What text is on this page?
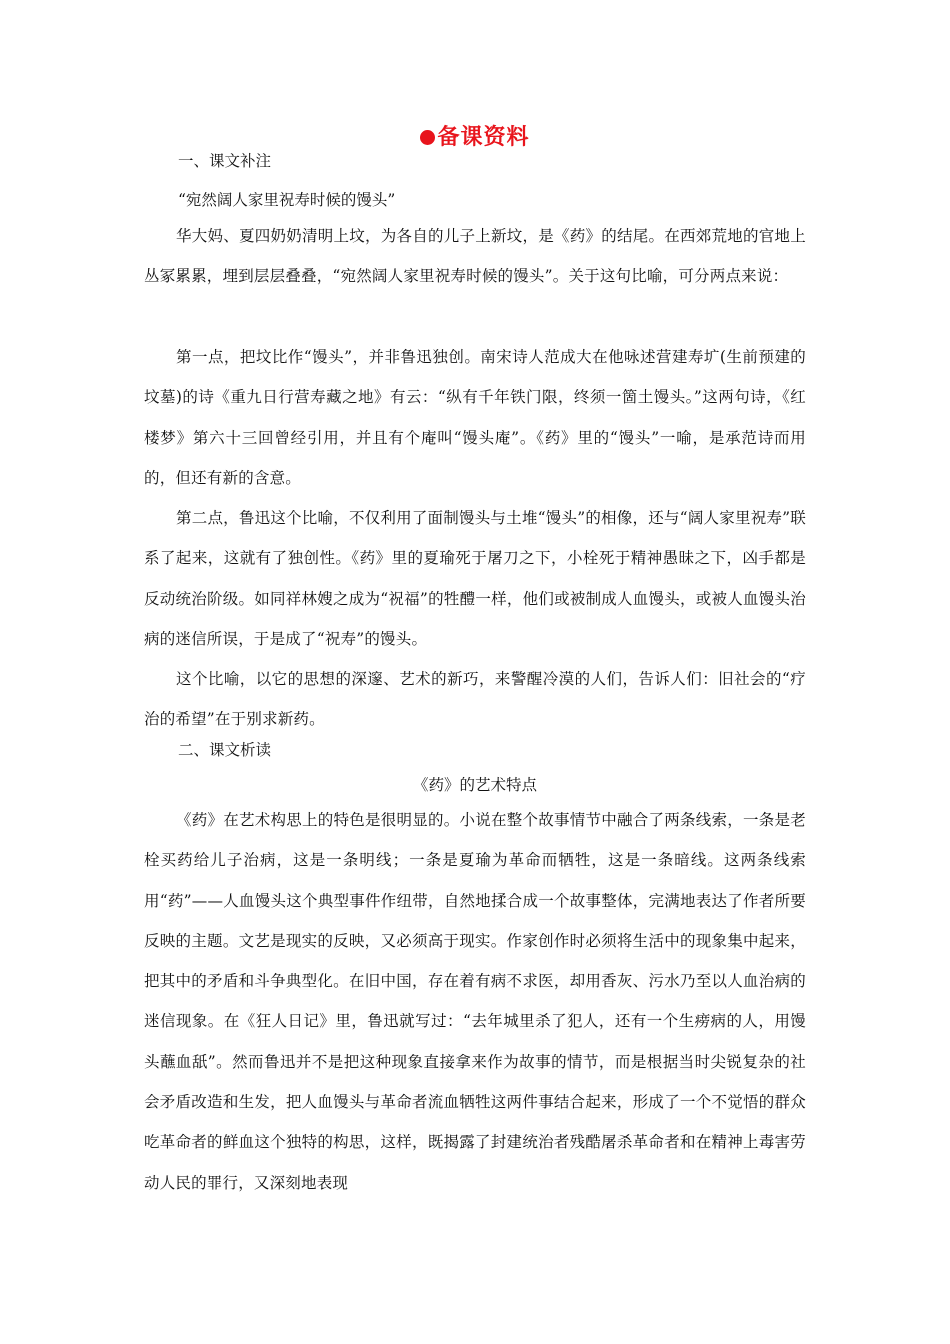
备课资料
一、课文补注
“宛然阔人家里祝寿时候的馒头”
华大妈、夏四奶奶清明上坟，为各自的儿子上新坟，是《药》的结尾。在西郊荒地的官地上丛冢累累，埋到层层叠叠，“宛然阔人家里祝寿时候的馒头”。关于这句比喻，可分两点来说：
第一点，把坟比作“馒头”，并非鲁迅独创。南宋诗人范成大在他咏述营建寿圹(生前预建的坟墓)的诗《重九日行营寿藏之地》有云：“纵有千年铁门限，终须一箇土馒头。”这两句诗，《红楼梦》第六十三回曾经引用，并且有个庵叫“馒头庵”。《药》里的“馒头”一喻，是承范诗而用的，但还有新的含意。
第二点，鲁迅这个比喻，不仅利用了面制馒头与土堆“馒头”的相像，还与“阔人家里祝寿”联系了起来，这就有了独创性。《药》里的夏瑜死于屠刀之下，小栓死于精神愚昧之下，凶手都是反动统治阶级。如同祥林嫂之成为“祝福”的牲醴一样，他们或被制成人血馒头，或被人血馒头治病的迷信所误，于是成了“祝寿”的馒头。
这个比喻，以它的思想的深邃、艺术的新巧，来警醒冷漠的人们，告诉人们：旧社会的“疗治的希望”在于别求新药。
二、课文析读
《药》的艺术特点
《药》在艺术构思上的特色是很明显的。小说在整个故事情节中融合了两条线索，一条是老栓买药给儿子治病，这是一条明线；一条是夏瑜为革命而牺牲，这是一条暗线。这两条线索用“药”——人血馒头这个典型事件作纽带，自然地揉合成一个故事整体，完满地表达了作者所要反映的主题。文艺是现实的反映，又必须高于现实。作家创作时必须将生活中的现象集中起来，把其中的矛盾和斗争典型化。在旧中国，存在着有病不求医，却用香灰、污水乃至以人血治病的迷信现象。在《狂人日记》里，鲁迅就写过：“去年城里杀了犯人，还有一个生痨病的人，用馒头蘸血舐”。然而鲁迅并不是把这种现象直接拿来作为故事的情节，而是根据当时尖锐复杂的社会矛盾改造和生发，把人血馒头与革命者流血牺牲这两件事结合起来，形成了一个不觉悟的群众吃革命者的鲜血这个独特的构思，这样，既揭露了封建统治者残酷屠杀革命者和在精神上毒害劳动人民的罪行，又深刻地表现
